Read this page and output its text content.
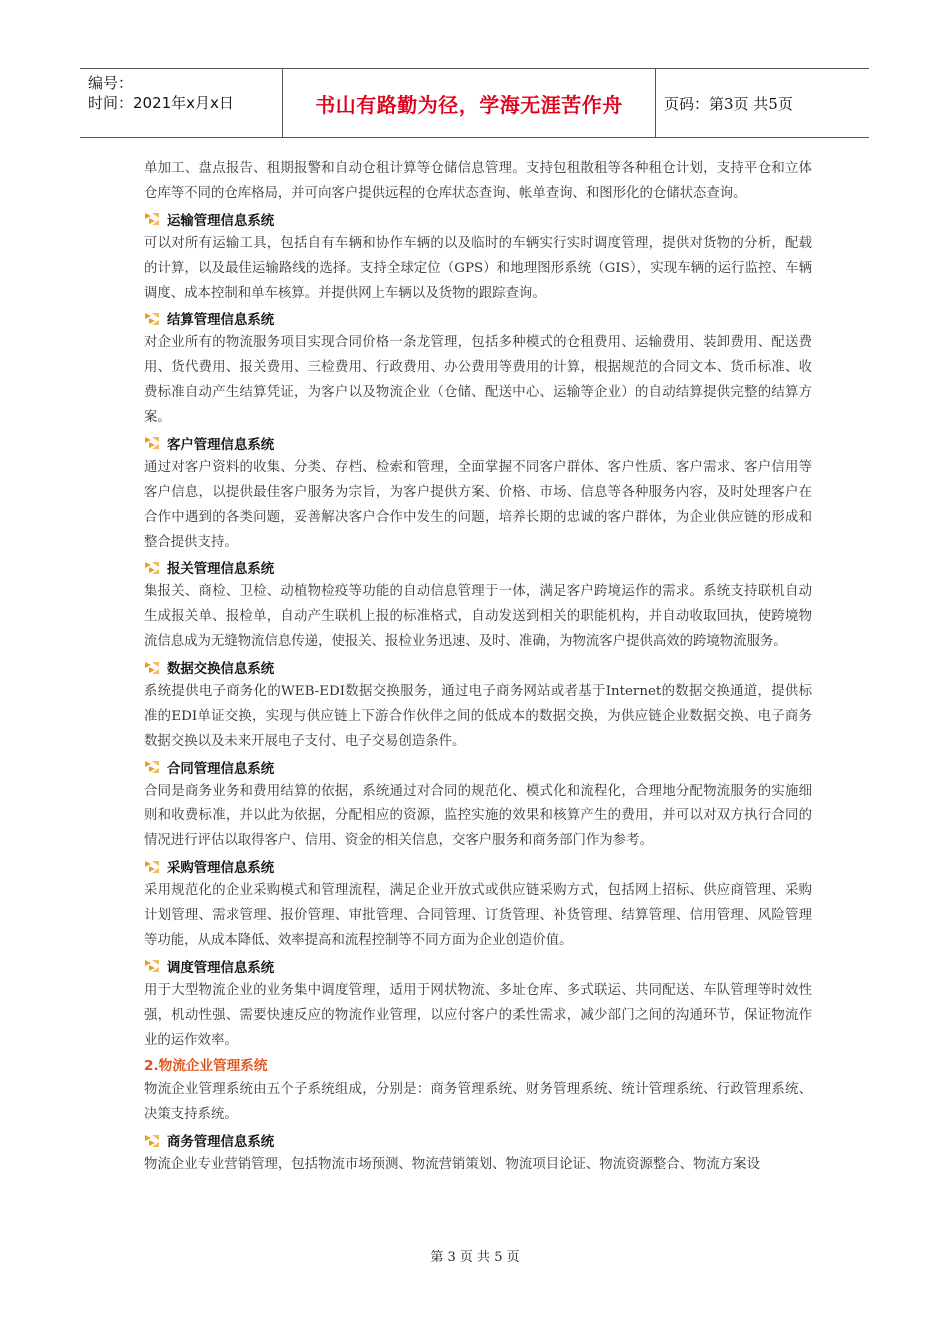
编号：
时间：2021年x月x日	书山有路勤为径，学海无涯苦作舟	页码：第3页 共5页

单加工、盘点报告、租期报警和自动仓租计算等仓储信息管理。支持包租散租等各种租仓计划，支持平仓和立体仓库等不同的仓库格局，并可向客户提供远程的仓库状态查询、帐单查询、和图形化的仓储状态查询。

运输管理信息系统

可以对所有运输工具，包括自有车辆和协作车辆的以及临时的车辆实行实时调度管理，提供对货物的分析，配载的计算，以及最佳运输路线的选择。支持全球定位（GPS）和地理图形系统（GIS），实现车辆的运行监控、车辆调度、成本控制和单车核算。并提供网上车辆以及货物的跟踪查询。

结算管理信息系统

对企业所有的物流服务项目实现合同价格一条龙管理，包括多种模式的仓租费用、运输费用、装卸费用、配送费用、货代费用、报关费用、三检费用、行政费用、办公费用等费用的计算，根据规范的合同文本、货币标准、收费标准自动产生结算凭证，为客户以及物流企业（仓储、配送中心、运输等企业）的自动结算提供完整的结算方案。

客户管理信息系统

通过对客户资料的收集、分类、存档、检索和管理，全面掌握不同客户群体、客户性质、客户需求、客户信用等客户信息，以提供最佳客户服务为宗旨，为客户提供方案、价格、市场、信息等各种服务内容，及时处理客户在合作中遇到的各类问题，妥善解决客户合作中发生的问题，培养长期的忠诚的客户群体，为企业供应链的形成和整合提供支持。

报关管理信息系统

集报关、商检、卫检、动植物检疫等功能的自动信息管理于一体，满足客户跨境运作的需求。系统支持联机自动生成报关单、报检单，自动产生联机上报的标准格式，自动发送到相关的职能机构，并自动收取回执，使跨境物流信息成为无缝物流信息传递，使报关、报检业务迅速、及时、准确，为物流客户提供高效的跨境物流服务。

数据交换信息系统

系统提供电子商务化的WEB-EDI数据交换服务，通过电子商务网站或者基于Internet的数据交换通道，提供标准的EDI单证交换，实现与供应链上下游合作伙伴之间的低成本的数据交换，为供应链企业数据交换、电子商务数据交换以及未来开展电子支付、电子交易创造条件。

合同管理信息系统

合同是商务业务和费用结算的依据，系统通过对合同的规范化、模式化和流程化，合理地分配物流服务的实施细则和收费标准，并以此为依据，分配相应的资源，监控实施的效果和核算产生的费用，并可以对双方执行合同的情况进行评估以取得客户、信用、资金的相关信息，交客户服务和商务部门作为参考。

采购管理信息系统

采用规范化的企业采购模式和管理流程，满足企业开放式或供应链采购方式，包括网上招标、供应商管理、采购计划管理、需求管理、报价管理、审批管理、合同管理、订货管理、补货管理、结算管理、信用管理、风险管理等功能，从成本降低、效率提高和流程控制等不同方面为企业创造价值。

调度管理信息系统

用于大型物流企业的业务集中调度管理，适用于网状物流、多址仓库、多式联运、共同配送、车队管理等时效性强，机动性强、需要快速反应的物流作业管理，以应付客户的柔性需求，减少部门之间的沟通环节，保证物流作业的运作效率。

2.物流企业管理系统

物流企业管理系统由五个子系统组成，分别是：商务管理系统、财务管理系统、统计管理系统、行政管理系统、决策支持系统。

商务管理信息系统

物流企业专业营销管理，包括物流市场预测、物流营销策划、物流项目论证、物流资源整合、物流方案设

第 3 页 共 5 页
